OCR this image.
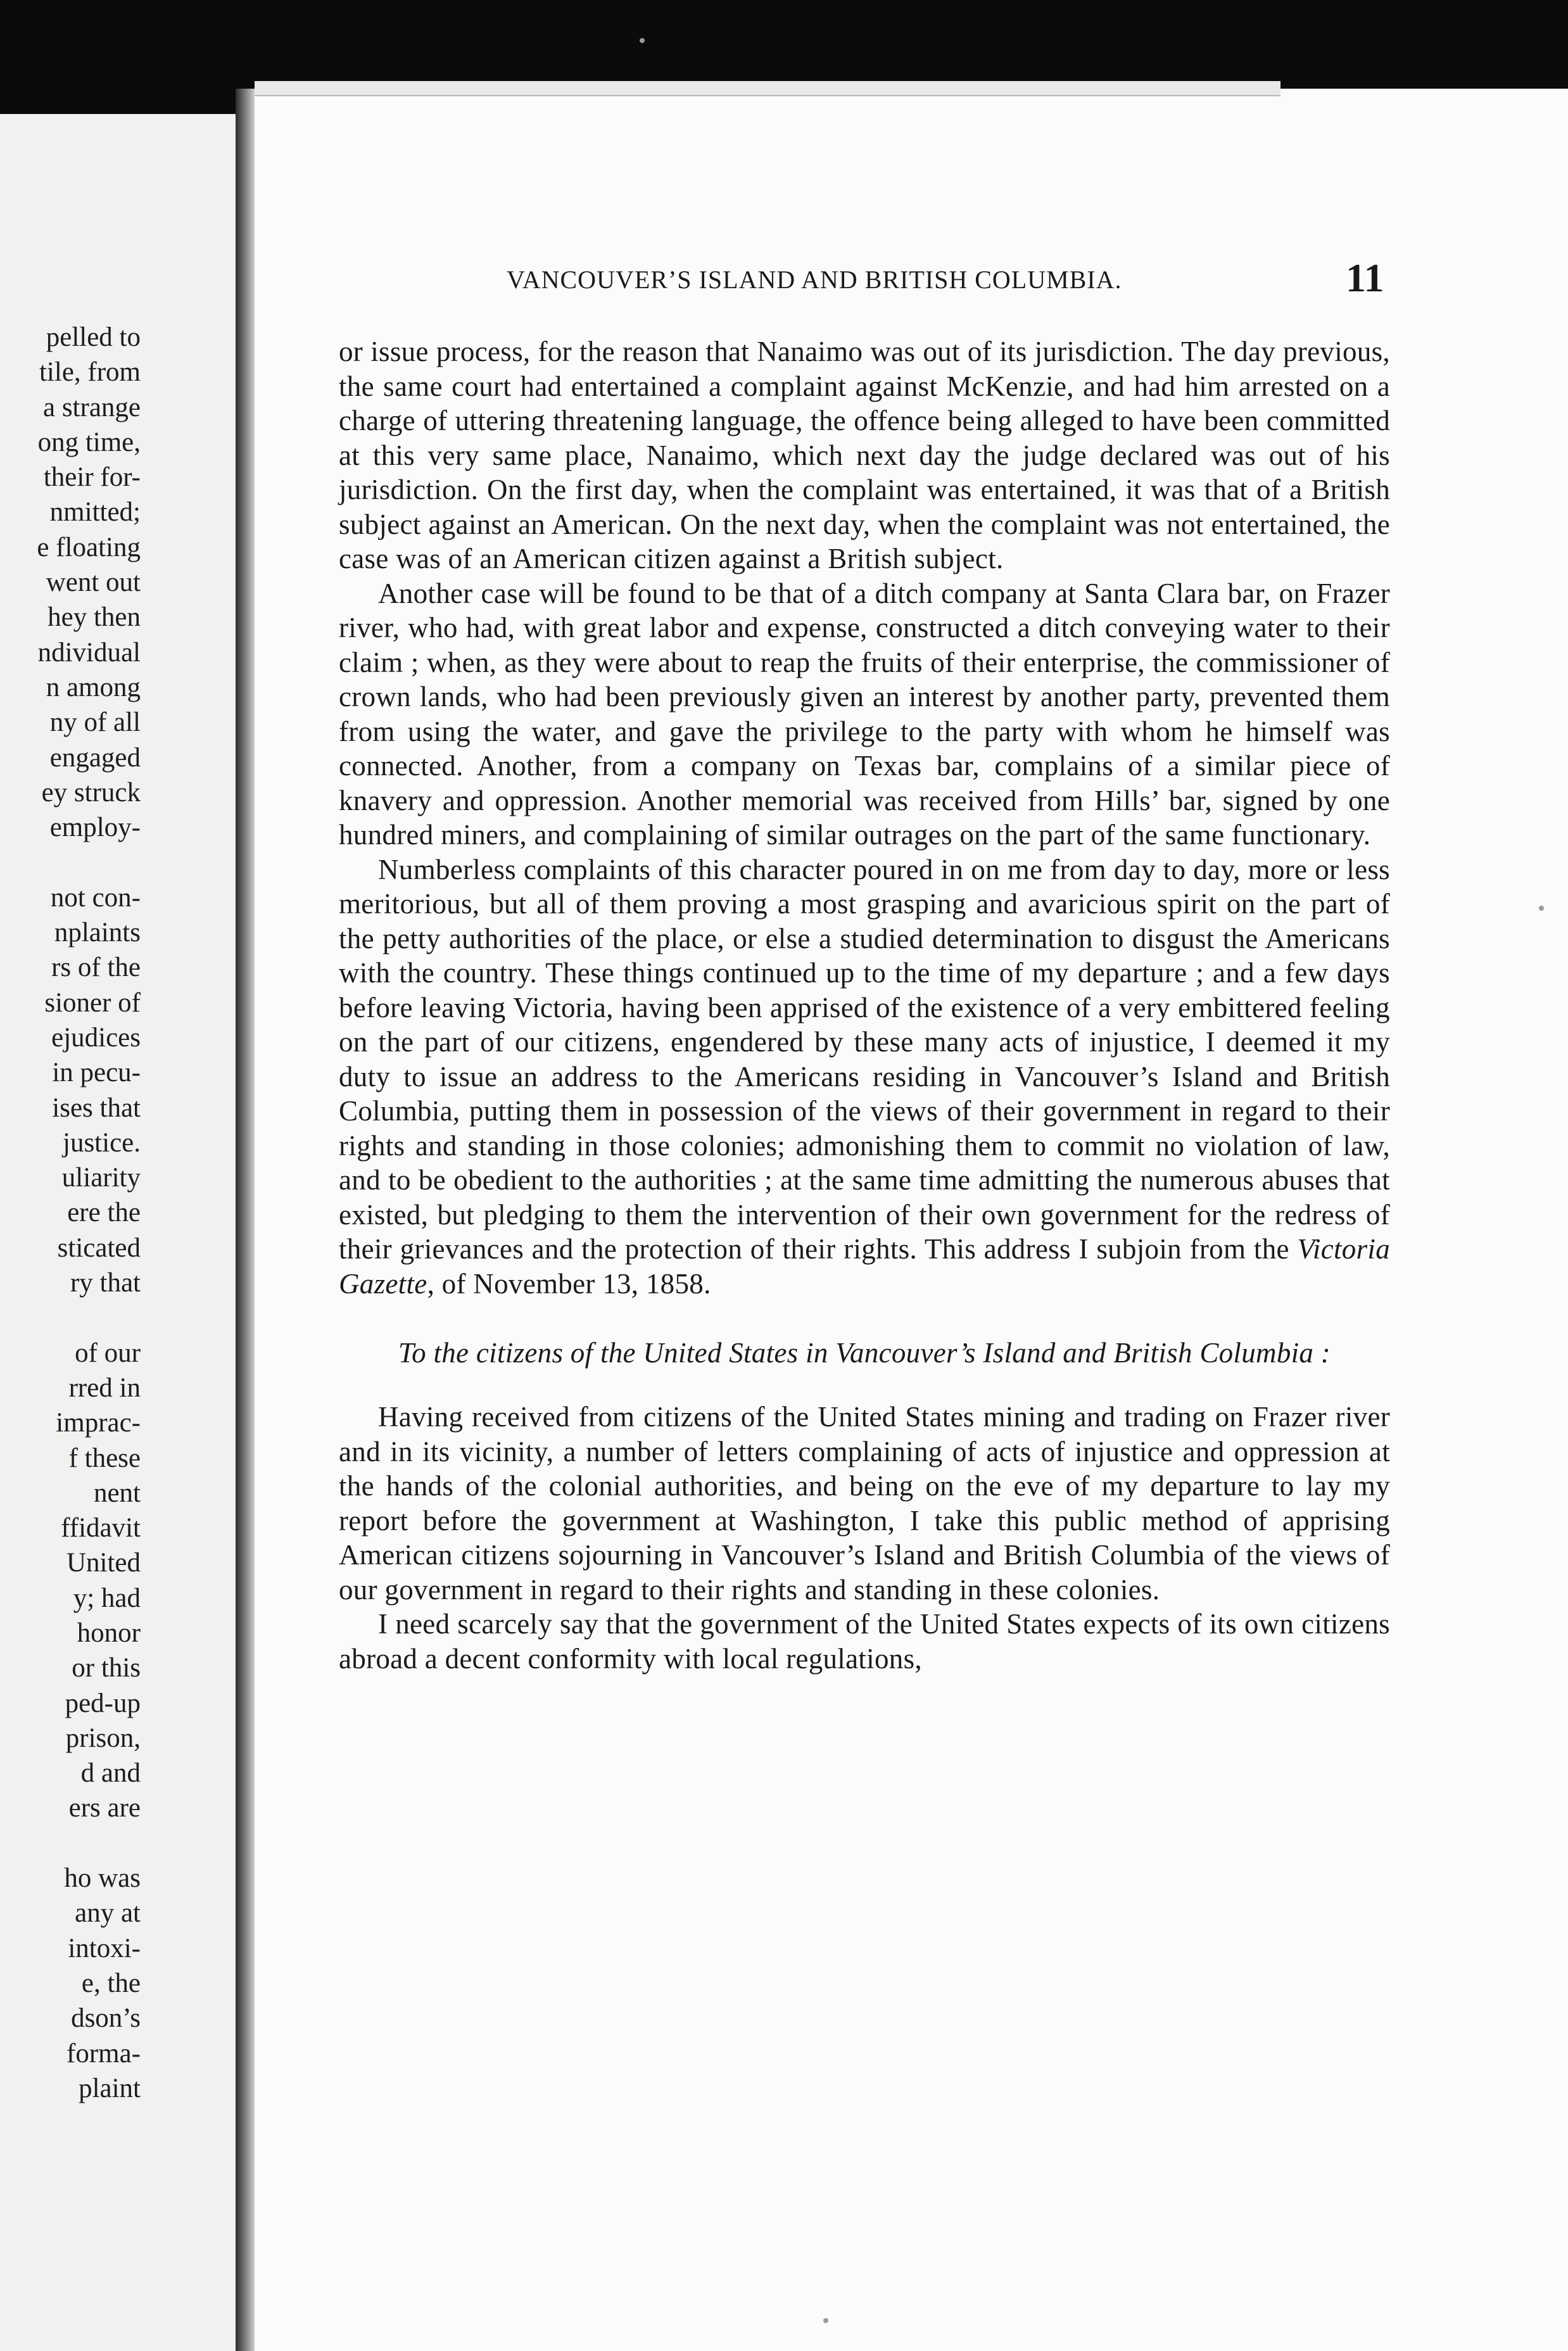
pelled to
tile, from
a strange
ong time,
their for-
nmitted;
e floating
went out
hey then
ndividual
n among
ny of all
engaged
ey struck
employ-
not con-
nplaints
rs of the
sioner of
ejudices
in pecu-
ises that
justice.
uliarity
ere the
sticated
ry that
of our
rred in
imprac-
f these
nent
ffidavit
United
y; had
honor
or this
ped-up
prison,
d and
ers are
ho was
any at
intoxi-
e, the
dson’s
forma-
plaint
VANCOUVER’S ISLAND AND BRITISH COLUMBIA.	11

or issue process, for the reason that Nanaimo was out of its jurisdiction. The day previous, the same court had entertained a complaint against McKenzie, and had him arrested on a charge of uttering threatening language, the offence being alleged to have been committed at this very same place, Nanaimo, which next day the judge declared was out of his jurisdiction. On the first day, when the complaint was entertained, it was that of a British subject against an American. On the next day, when the complaint was not entertained, the case was of an American citizen against a British subject.

Another case will be found to be that of a ditch company at Santa Clara bar, on Frazer river, who had, with great labor and expense, constructed a ditch conveying water to their claim ; when, as they were about to reap the fruits of their enterprise, the commissioner of crown lands, who had been previously given an interest by another party, prevented them from using the water, and gave the privilege to the party with whom he himself was connected. Another, from a company on Texas bar, complains of a similar piece of knavery and oppression. Another memorial was received from Hills’ bar, signed by one hundred miners, and complaining of similar outrages on the part of the same functionary.

Numberless complaints of this character poured in on me from day to day, more or less meritorious, but all of them proving a most grasping and avaricious spirit on the part of the petty authorities of the place, or else a studied determination to disgust the Americans with the country. These things continued up to the time of my departure ; and a few days before leaving Victoria, having been apprised of the existence of a very embittered feeling on the part of our citizens, engendered by these many acts of injustice, I deemed it my duty to issue an address to the Americans residing in Vancouver’s Island and British Columbia, putting them in possession of the views of their government in regard to their rights and standing in those colonies; admonishing them to commit no violation of law, and to be obedient to the authorities ; at the same time admitting the numerous abuses that existed, but pledging to them the intervention of their own government for the redress of their grievances and the protection of their rights. This address I subjoin from the Victoria Gazette, of November 13, 1858.

To the citizens of the United States in Vancouver’s Island and British Columbia :

Having received from citizens of the United States mining and trading on Frazer river and in its vicinity, a number of letters complaining of acts of injustice and oppression at the hands of the colonial authorities, and being on the eve of my departure to lay my report before the government at Washington, I take this public method of apprising American citizens sojourning in Vancouver’s Island and British Columbia of the views of our government in regard to their rights and standing in these colonies.

I need scarcely say that the government of the United States expects of its own citizens abroad a decent conformity with local regulations,
